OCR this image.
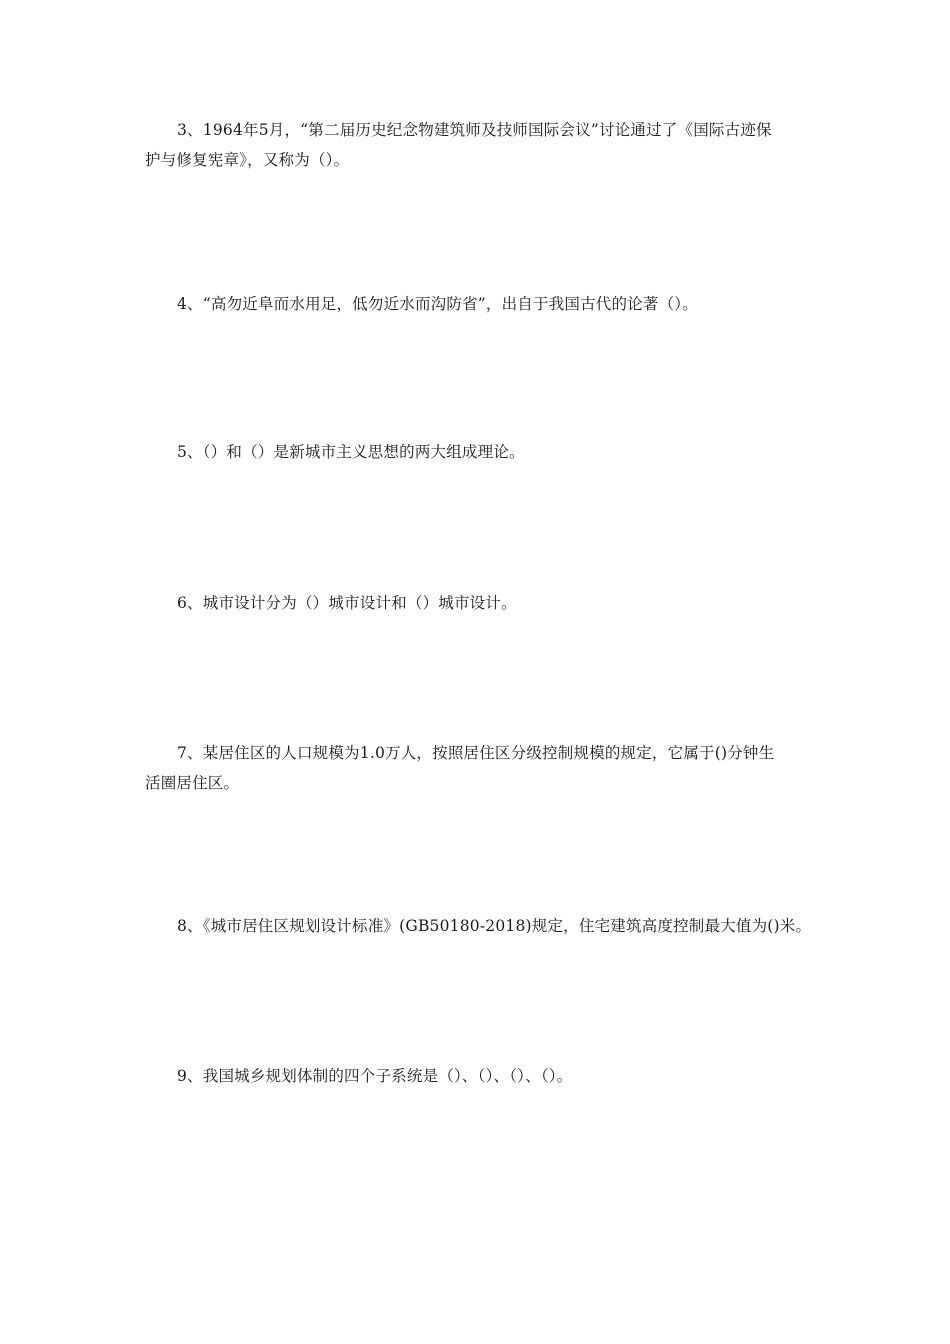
3、1964年5月，“第二届历史纪念物建筑师及技师国际会议”讨论通过了《国际古迹保
护与修复宪章》，又称为（）。

4、“高勿近阜而水用足，低勿近水而沟防省”，出自于我国古代的论著（）。

5、（）和（）是新城市主义思想的两大组成理论。

6、城市设计分为（）城市设计和（）城市设计。

7、某居住区的人口规模为1.0万人，按照居住区分级控制规模的规定，它属于()分钟生
活圈居住区。

8、《城市居住区规划设计标准》(GB50180-2018)规定，住宅建筑高度控制最大值为()米。

9、我国城乡规划体制的四个子系统是（）、（）、（）、（）。
